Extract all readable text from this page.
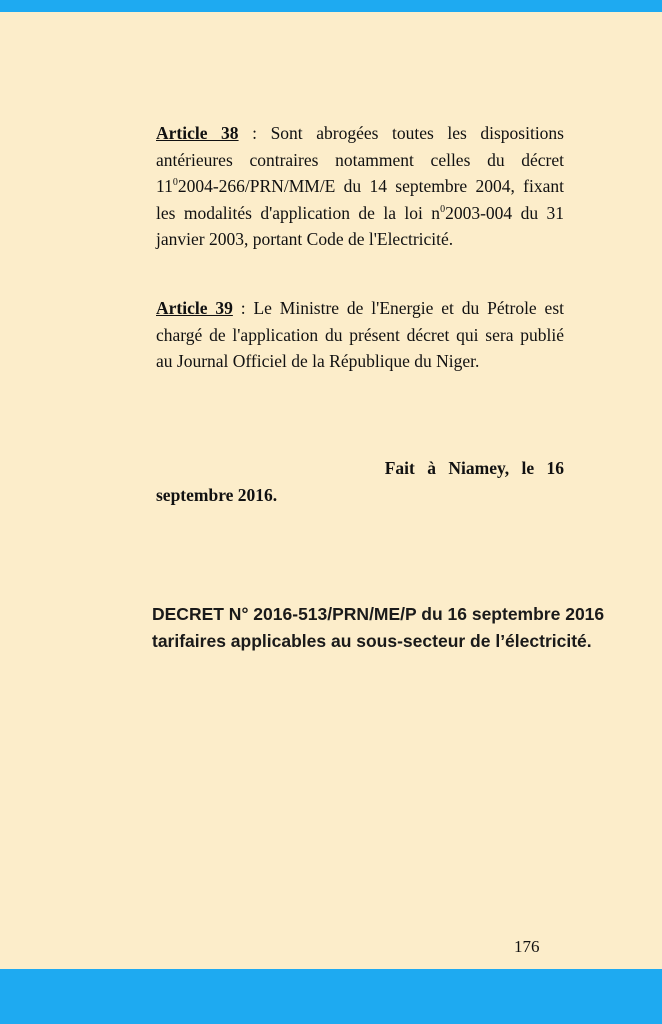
Article 38 : Sont abrogées toutes les dispositions antérieures contraires notamment celles du décret $11^02004-266/PRN/MM/E$ du 14 septembre 2004, fixant les modalités d'application de la loi $n^02003-004$ du 31 janvier 2003, portant Code de l'Electricité.
Article 39 : Le Ministre de l'Energie et du Pétrole est chargé de l'application du présent décret qui sera publié au Journal Officiel de la République du Niger.
Fait à Niamey, le 16
septembre 2016.
DECRET N° 2016-513/PRN/ME/P du 16 septembre 2016
tarifaires applicables au sous-secteur de l’électricité.
176
